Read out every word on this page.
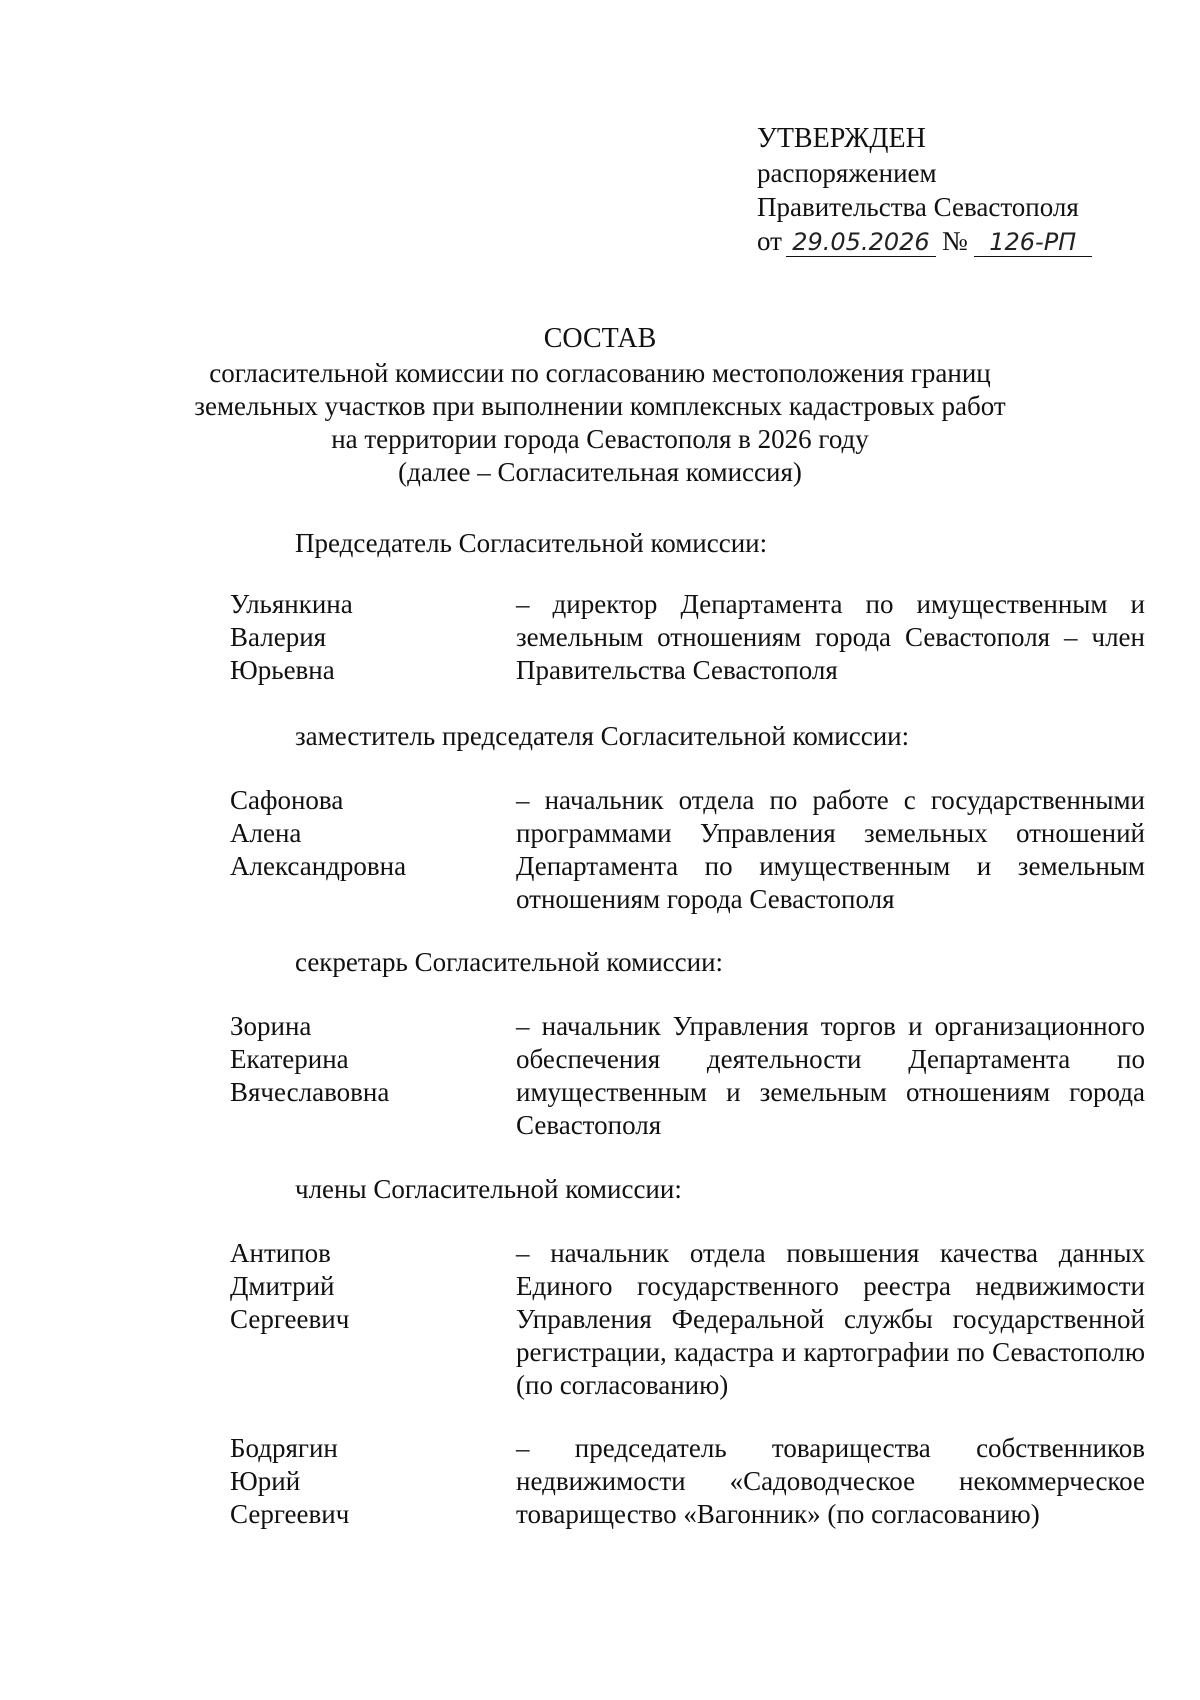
УТВЕРЖДЕН
распоряжением
Правительства Севастополя
от 29.05.2026 № 126-РП
СОСТАВ
согласительной комиссии по согласованию местоположения границ
земельных участков при выполнении комплексных кадастровых работ
на территории города Севастополя в 2026 году
(далее – Согласительная комиссия)
Председатель Согласительной комиссии:
Ульянкина
Валерия
Юрьевна
– директор Департамента по имущественным и земельным отношениям города Севастополя – член Правительства Севастополя
заместитель председателя Согласительной комиссии:
Сафонова
Алена
Александровна
– начальник отдела по работе с государственными программами Управления земельных отношений Департамента по имущественным и земельным отношениям города Севастополя
секретарь Согласительной комиссии:
Зорина
Екатерина
Вячеславовна
– начальник Управления торгов и организационного обеспечения деятельности Департамента по имущественным и земельным отношениям города Севастополя
члены Согласительной комиссии:
Антипов
Дмитрий
Сергеевич
– начальник отдела повышения качества данных Единого государственного реестра недвижимости Управления Федеральной службы государственной регистрации, кадастра и картографии по Севастополю (по согласованию)
Бодрягин
Юрий
Сергеевич
– председатель товарищества собственников недвижимости «Садоводческое некоммерческое товарищество «Вагонник» (по согласованию)
